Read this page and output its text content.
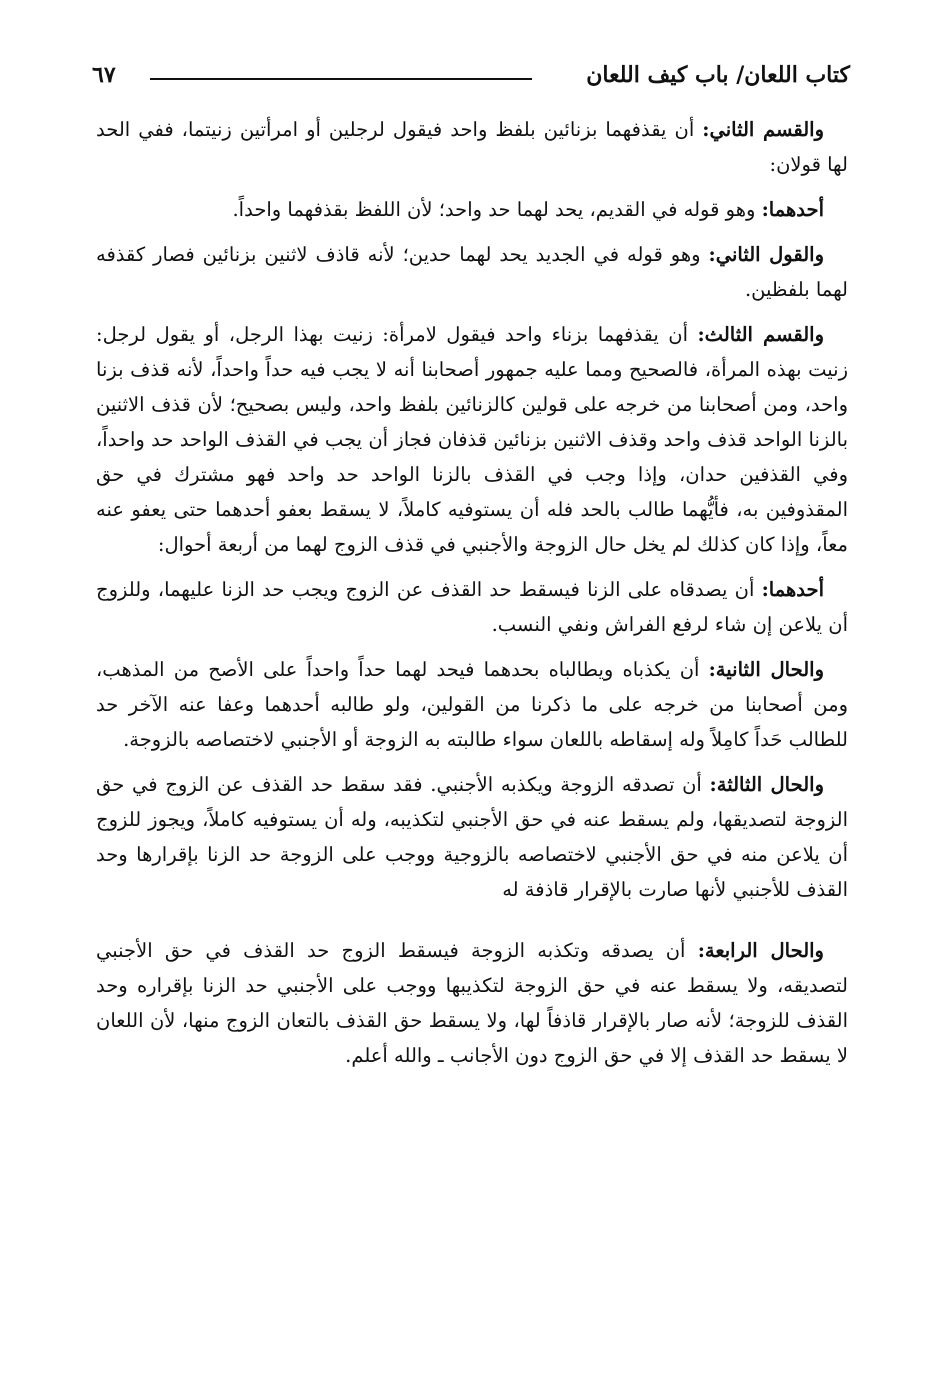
كتاب اللعان/ باب كيف اللعان
٦٧

والقسم الثاني: أن يقذفهما بزنائين بلفظ واحد فيقول لرجلين أو امرأتين زنيتما، ففي الحد لها قولان:

أحدهما: وهو قوله في القديم، يحد لهما حد واحد؛ لأن اللفظ بقذفهما واحداً.

والقول الثاني: وهو قوله في الجديد يحد لهما حدين؛ لأنه قاذف لاثنين بزنائين فصار كقذفه لهما بلفظين.

والقسم الثالث: أن يقذفهما بزناء واحد فيقول لامرأة: زنيت بهذا الرجل، أو يقول لرجل: زنيت بهذه المرأة، فالصحيح ومما عليه جمهور أصحابنا أنه لا يجب فيه حداً واحداً، لأنه قذف بزنا واحد، ومن أصحابنا من خرجه على قولين كالزنائين بلفظ واحد، وليس بصحيح؛ لأن قذف الاثنين بالزنا الواحد قذف واحد وقذف الاثنين بزنائين قذفان فجاز أن يجب في القذف الواحد حد واحداً، وفي القذفين حدان، وإذا وجب في القذف بالزنا الواحد حد واحد فهو مشترك في حق المقذوفين به، فأيُّهما طالب بالحد فله أن يستوفيه كاملاً، لا يسقط بعفو أحدهما حتى يعفو عنه معاً، وإذا كان كذلك لم يخل حال الزوجة والأجنبي في قذف الزوج لهما من أربعة أحوال:

أحدهما: أن يصدقاه على الزنا فيسقط حد القذف عن الزوج ويجب حد الزنا عليهما، وللزوج أن يلاعن إن شاء لرفع الفراش ونفي النسب.

والحال الثانية: أن يكذباه ويطالباه بحدهما فيحد لهما حداً واحداً على الأصح من المذهب، ومن أصحابنا من خرجه على ما ذكرنا من القولين، ولو طالبه أحدهما وعفا عنه الآخر حد للطالب حَداً كامِلاً وله إسقاطه باللعان سواء طالبته به الزوجة أو الأجنبي لاختصاصه بالزوجة.

والحال الثالثة: أن تصدقه الزوجة ويكذبه الأجنبي. فقد سقط حد القذف عن الزوج في حق الزوجة لتصديقها، ولم يسقط عنه في حق الأجنبي لتكذيبه، وله أن يستوفيه كاملاً، ويجوز للزوج أن يلاعن منه في حق الأجنبي لاختصاصه بالزوجية ووجب على الزوجة حد الزنا بإقرارها وحد القذف للأجنبي لأنها صارت بالإقرار قاذفة له

والحال الرابعة: أن يصدقه وتكذبه الزوجة فيسقط الزوج حد القذف في حق الأجنبي لتصديقه، ولا يسقط عنه في حق الزوجة لتكذيبها ووجب على الأجنبي حد الزنا بإقراره وحد القذف للزوجة؛ لأنه صار بالإقرار قاذفاً لها، ولا يسقط حق القذف بالتعان الزوج منها، لأن اللعان لا يسقط حد القذف إلا في حق الزوج دون الأجانب ـ والله أعلم.
